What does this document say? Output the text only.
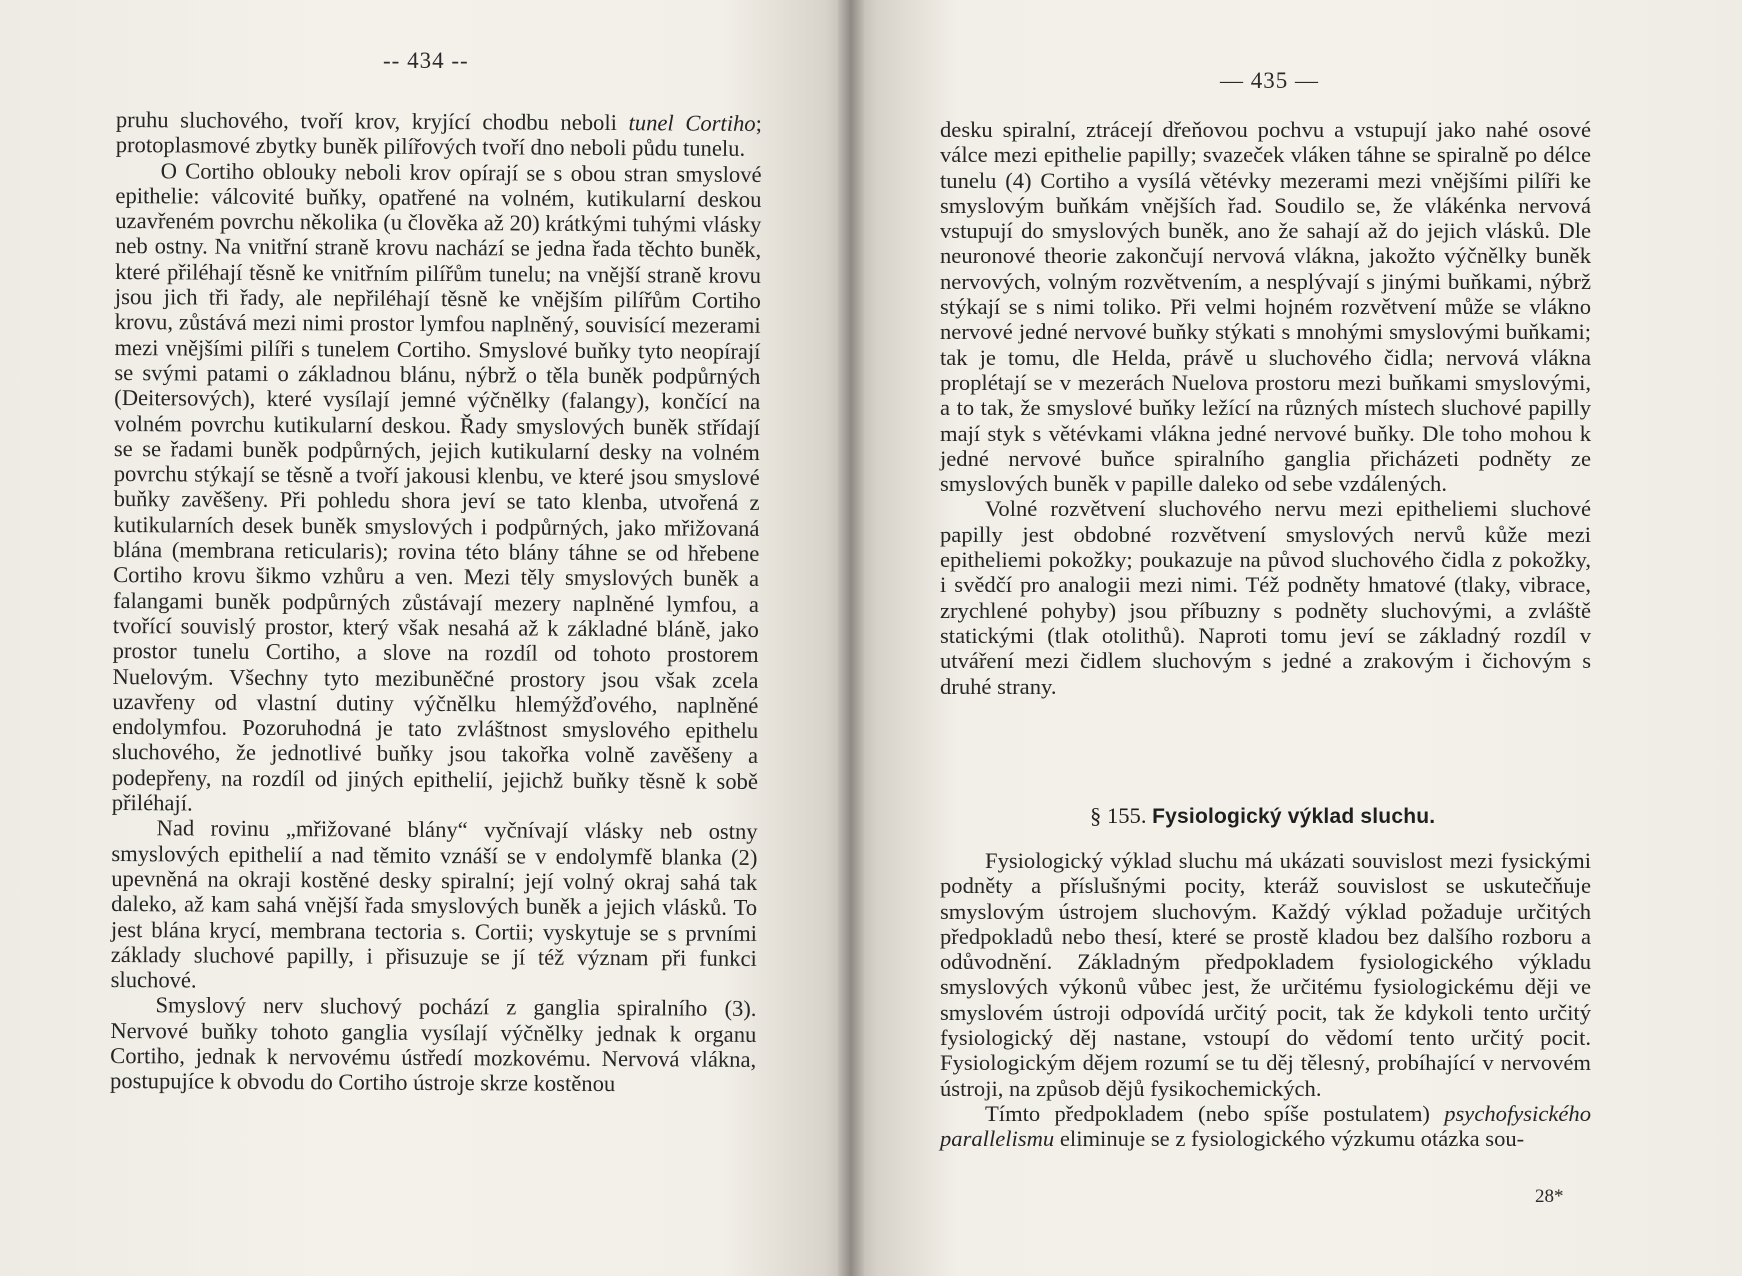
-- 434 --

pruhu sluchového, tvoří krov, kryjící chodbu neboli tunel Cortiho; protoplasmové zbytky buněk pilířových tvoří dno neboli půdu tunelu.

O Cortiho oblouky neboli krov opírají se s obou stran smyslové epithelie: válcovité buňky, opatřené na volném, kutikularní deskou uzavřeném povrchu několika (u člověka až 20) krátkými tuhými vlásky neb ostny. Na vnitřní straně krovu nachází se jedna řada těchto buněk, které přiléhají těsně ke vnitřním pilířům tunelu; na vnější straně krovu jsou jich tři řady, ale nepřiléhají těsně ke vnějším pilířům Cortiho krovu, zůstává mezi nimi prostor lymfou naplněný, souvisící mezerami mezi vnějšími pilíři s tunelem Cortiho. Smyslové buňky tyto neopírají se svými patami o základnou blánu, nýbrž o těla buněk podpůrných (Deitersových), které vysílají jemné výčnělky (falangy), končící na volném povrchu kutikularní deskou. Řady smyslových buněk střídají se se řadami buněk podpůrných, jejich kutikularní desky na volném povrchu stýkají se těsně a tvoří jakousi klenbu, ve které jsou smyslové buňky zavěšeny. Při pohledu shora jeví se tato klenba, utvořená z kutikularních desek buněk smyslových i podpůrných, jako mřižovaná blána (membrana reticularis); rovina této blány táhne se od hřebene Cortiho krovu šikmo vzhůru a ven. Mezi těly smyslových buněk a falangami buněk podpůrných zůstávají mezery naplněné lymfou, a tvořící souvislý prostor, který však nesahá až k základné bláně, jako prostor tunelu Cortiho, a slove na rozdíl od tohoto prostorem Nuelovým. Všechny tyto mezibuněčné prostory jsou však zcela uzavřeny od vlastní dutiny výčnělku hlemýžďového, naplněné endolymfou. Pozoruhodná je tato zvláštnost smyslového epithelu sluchového, že jednotlivé buňky jsou takořka volně zavěšeny a podepřeny, na rozdíl od jiných epithelií, jejichž buňky těsně k sobě přiléhají.

Nad rovinu „mřižované blány“ vyčnívají vlásky neb ostny smyslových epithelií a nad těmito vznáší se v endolymfě blanka (2) upevněná na okraji kostěné desky spiralní; její volný okraj sahá tak daleko, až kam sahá vnější řada smyslových buněk a jejich vlásků. To jest blána krycí, membrana tectoria s. Cortii; vyskytuje se s prvními základy sluchové papilly, i přisuzuje se jí též význam při funkci sluchové.

Smyslový nerv sluchový pochází z ganglia spiralního (3). Nervové buňky tohoto ganglia vysílají výčnělky jednak k organu Cortiho, jednak k nervovému ústředí mozkovému. Nervová vlákna, postupujíce k obvodu do Cortiho ústroje skrze kostěnou

— 435 —

desku spiralní, ztrácejí dřeňovou pochvu a vstupují jako nahé osové válce mezi epithelie papilly; svazeček vláken táhne se spiralně po délce tunelu (4) Cortiho a vysílá větévky mezerami mezi vnějšími pilíři ke smyslovým buňkám vnějších řad. Soudilo se, že vlákénka nervová vstupují do smyslových buněk, ano že sahají až do jejich vlásků. Dle neuronové theorie zakončují nervová vlákna, jakožto výčnělky buněk nervových, volným rozvětvením, a nesplývají s jinými buňkami, nýbrž stýkají se s nimi toliko. Při velmi hojném rozvětvení může se vlákno nervové jedné nervové buňky stýkati s mnohými smyslovými buňkami; tak je tomu, dle Helda, právě u sluchového čidla; nervová vlákna proplétají se v mezerách Nuelova prostoru mezi buňkami smyslovými, a to tak, že smyslové buňky ležící na různých místech sluchové papilly mají styk s větévkami vlákna jedné nervové buňky. Dle toho mohou k jedné nervové buňce spiralního ganglia přicházeti podněty ze smyslových buněk v papille daleko od sebe vzdálených.

Volné rozvětvení sluchového nervu mezi epitheliemi sluchové papilly jest obdobné rozvětvení smyslových nervů kůže mezi epitheliemi pokožky; poukazuje na původ sluchového čidla z pokožky, i svědčí pro analogii mezi nimi. Též podněty hmatové (tlaky, vibrace, zrychlené pohyby) jsou příbuzny s podněty sluchovými, a zvláště statickými (tlak otolithů). Naproti tomu jeví se základný rozdíl v utváření mezi čidlem sluchovým s jedné a zrakovým i čichovým s druhé strany.

§ 155. Fysiologický výklad sluchu.

Fysiologický výklad sluchu má ukázati souvislost mezi fysickými podněty a příslušnými pocity, kteráž souvislost se uskutečňuje smyslovým ústrojem sluchovým. Každý výklad požaduje určitých předpokladů nebo thesí, které se prostě kladou bez dalšího rozboru a odůvodnění. Základným předpokladem fysiologického výkladu smyslových výkonů vůbec jest, že určitému fysiologickému ději ve smyslovém ústroji odpovídá určitý pocit, tak že kdykoli tento určitý fysiologický děj nastane, vstoupí do vědomí tento určitý pocit. Fysiologickým dějem rozumí se tu děj tělesný, probíhající v nervovém ústroji, na způsob dějů fysikochemických.

Tímto předpokladem (nebo spíše postulatem) psychofysického parallelismu eliminuje se z fysiologického výzkumu otázka sou-

28*
